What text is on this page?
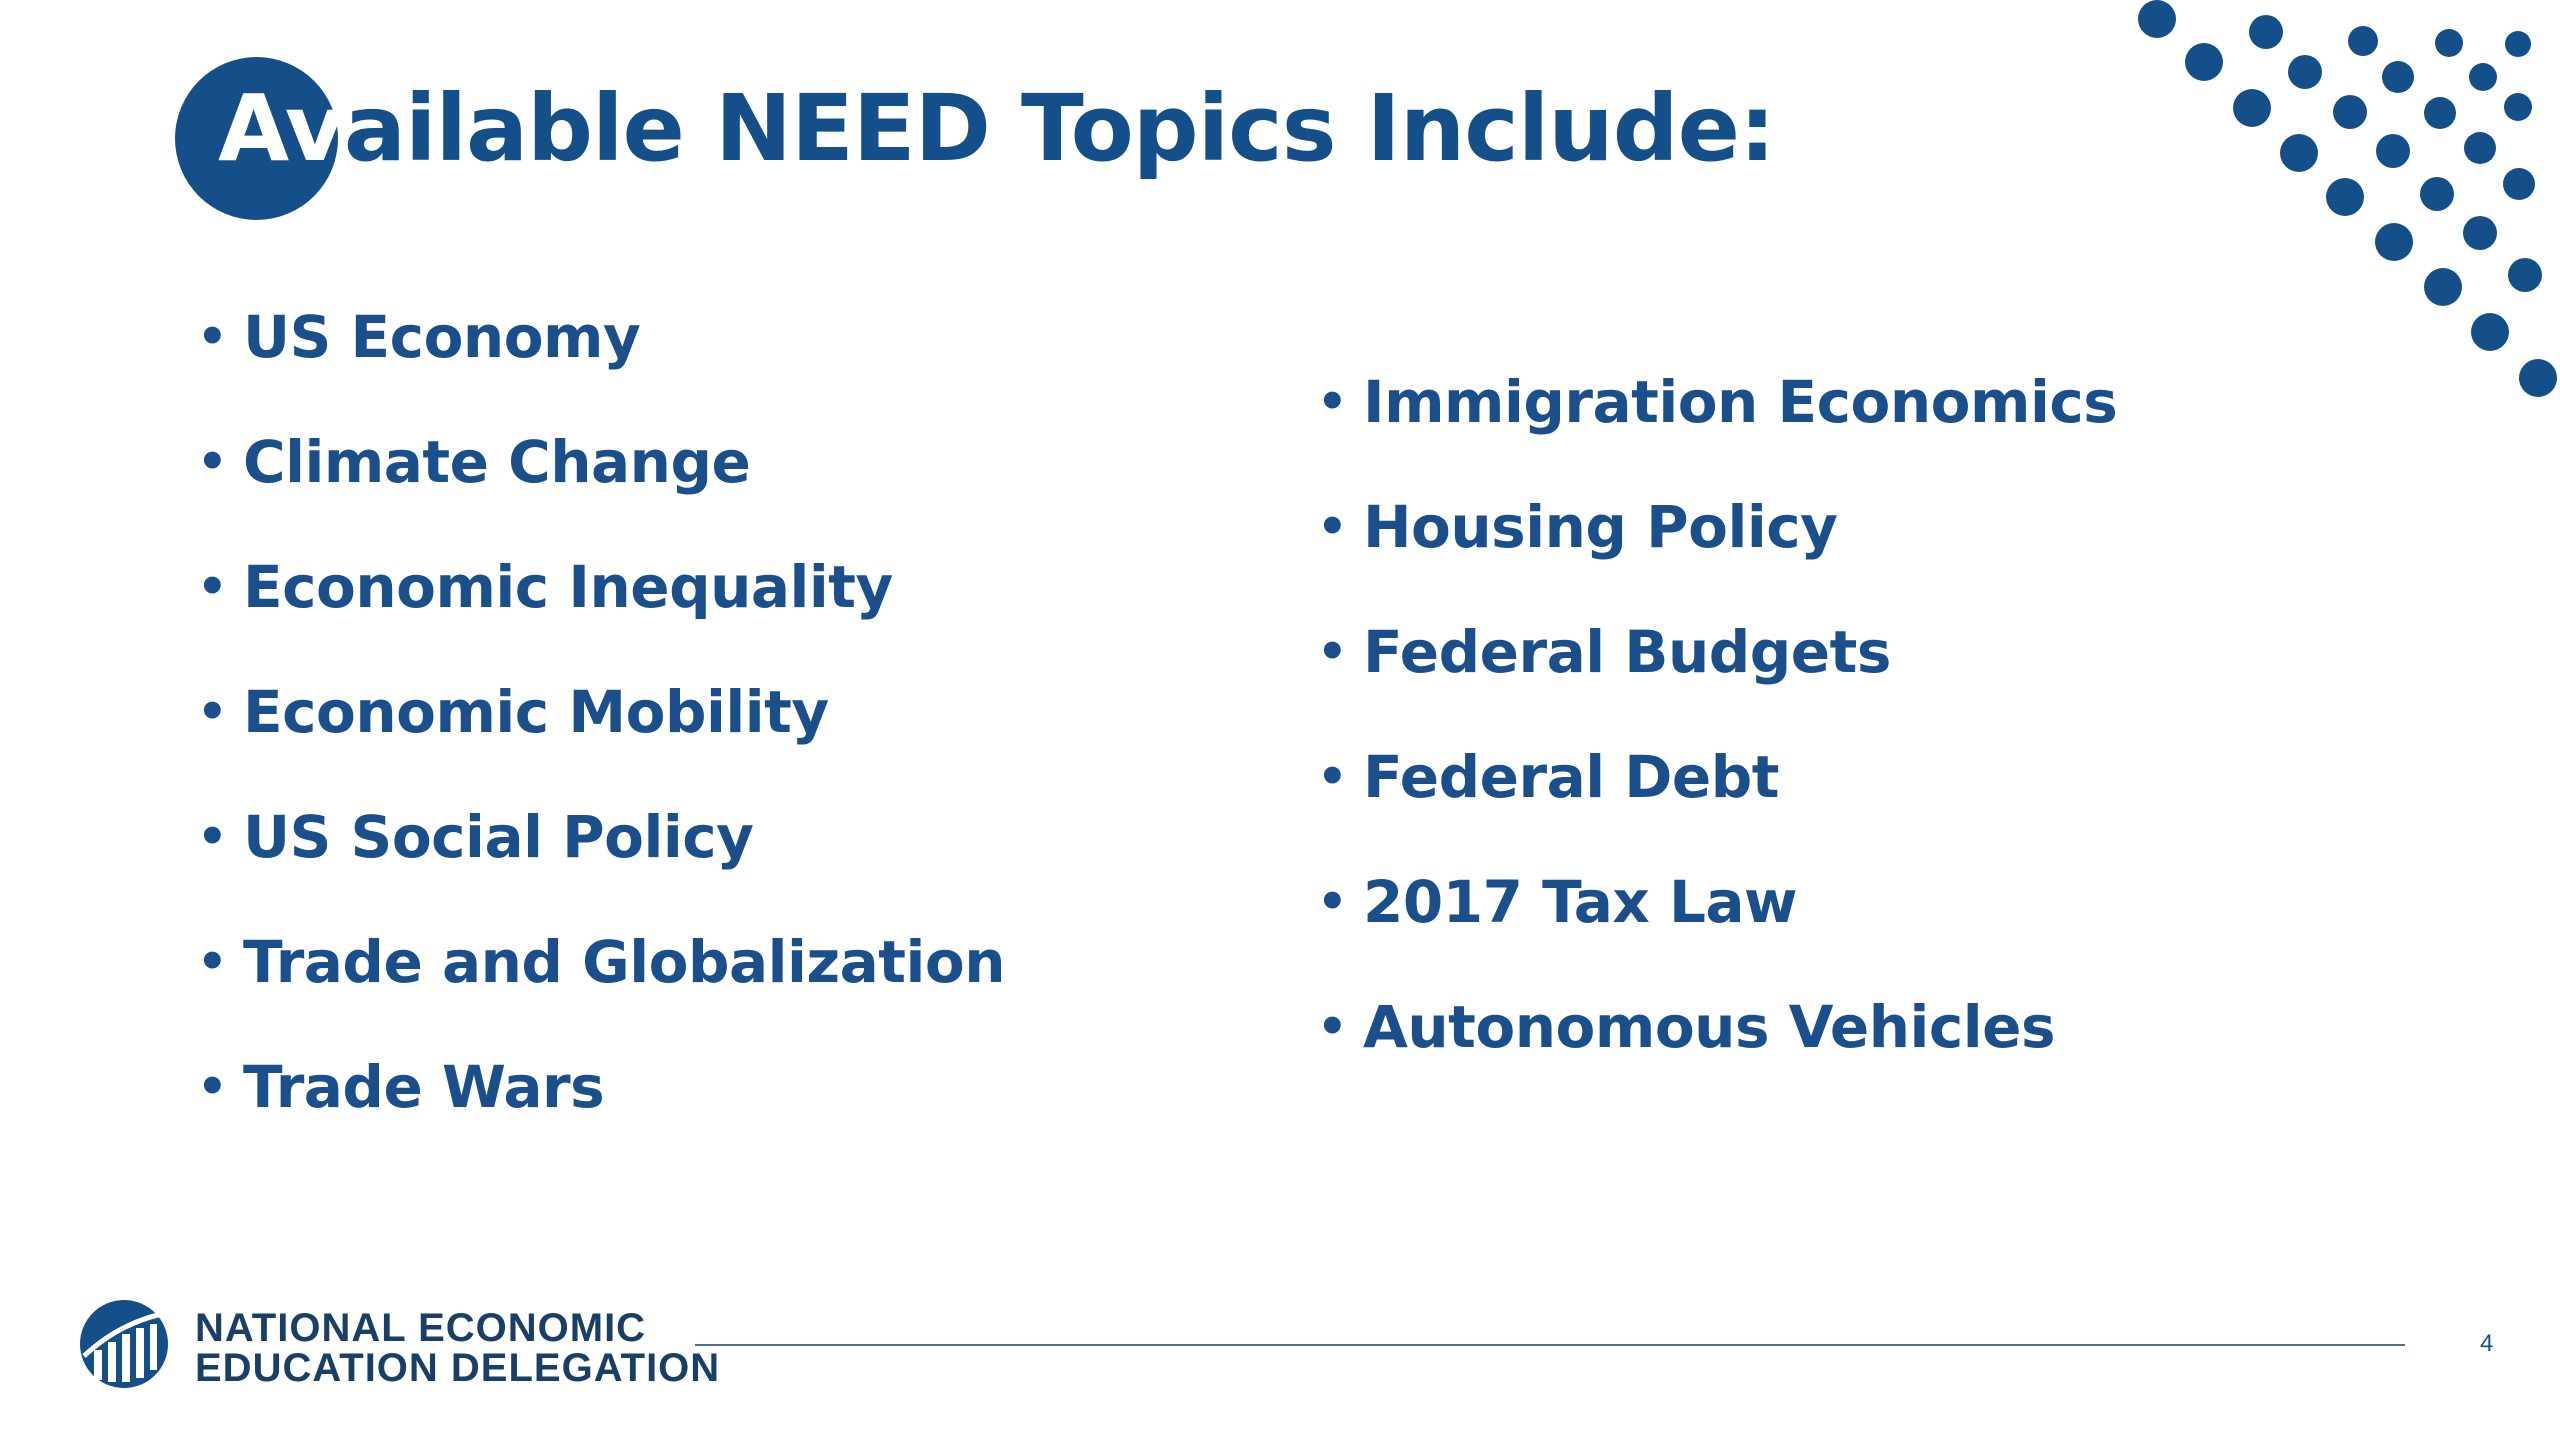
Available NEED Topics Include:
• US Economy
• Climate Change
• Economic Inequality
• Economic Mobility
• US Social Policy
• Trade and Globalization
• Trade Wars
• Immigration Economics
• Housing Policy
• Federal Budgets
• Federal Debt
• 2017 Tax Law
• Autonomous Vehicles
NATIONAL ECONOMIC
EDUCATION DELEGATION
4
